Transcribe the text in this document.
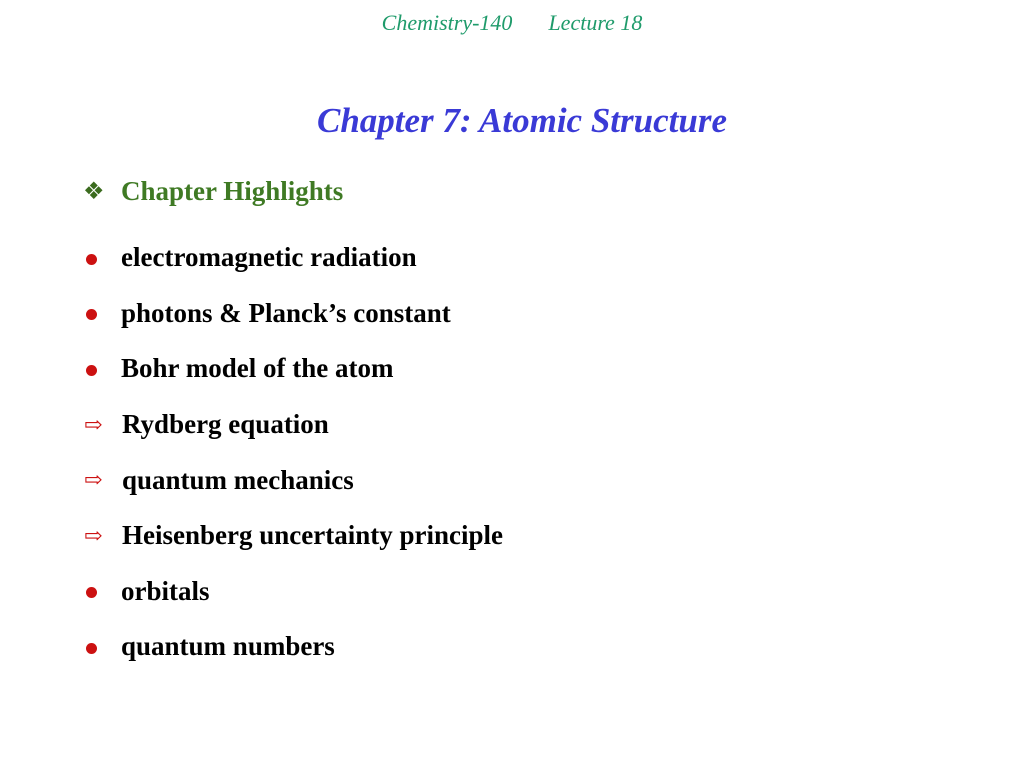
Chemistry-140 Lecture 18
Chapter 7: Atomic Structure
❖ Chapter Highlights
electromagnetic radiation
photons & Planck’s constant
Bohr model of the atom
⇨ Rydberg equation
⇨ quantum mechanics
⇨ Heisenberg uncertainty principle
orbitals
quantum numbers
